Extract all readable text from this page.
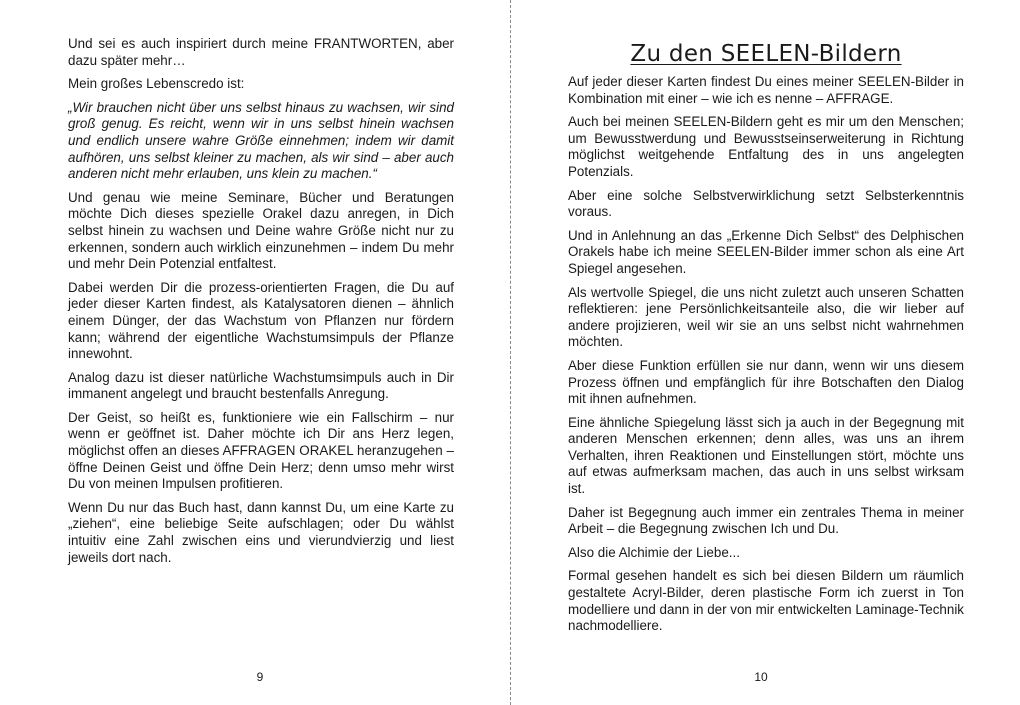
Und sei es auch inspiriert durch meine FRANTWORTEN, aber dazu später mehr…

Mein großes Lebenscredo ist:

„Wir brauchen nicht über uns selbst hinaus zu wachsen, wir sind groß genug. Es reicht, wenn wir in uns selbst hinein wachsen und endlich unsere wahre Größe einnehmen; indem wir damit aufhören, uns selbst kleiner zu machen, als wir sind – aber auch anderen nicht mehr erlauben, uns klein zu machen.“

Und genau wie meine Seminare, Bücher und Beratungen möchte Dich dieses spezielle Orakel dazu anregen, in Dich selbst hinein zu wachsen und Deine wahre Größe nicht nur zu erkennen, sondern auch wirklich einzunehmen – indem Du mehr und mehr Dein Potenzial entfaltest.

Dabei werden Dir die prozess-orientierten Fragen, die Du auf jeder dieser Karten findest, als Katalysatoren dienen – ähnlich einem Dünger, der das Wachstum von Pflanzen nur fördern kann; während der eigentliche Wachstumsimpuls der Pflanze innewohnt.

Analog dazu ist dieser natürliche Wachstumsimpuls auch in Dir immanent angelegt und braucht bestenfalls Anregung.

Der Geist, so heißt es, funktioniere wie ein Fallschirm – nur wenn er geöffnet ist. Daher möchte ich Dir ans Herz legen, möglichst offen an dieses AFFRAGEN ORAKEL heranzugehen – öffne Deinen Geist und öffne Dein Herz; denn umso mehr wirst Du von meinen Impulsen profitieren.

Wenn Du nur das Buch hast, dann kannst Du, um eine Karte zu „ziehen“, eine beliebige Seite aufschlagen; oder Du wählst intuitiv eine Zahl zwischen eins und vierundvierzig und liest jeweils dort nach.

9
Zu den SEELEN-Bildern

Auf jeder dieser Karten findest Du eines meiner SEELEN-Bilder in Kombination mit einer – wie ich es nenne – AFFRAGE.

Auch bei meinen SEELEN-Bildern geht es mir um den Menschen; um Bewusstwerdung und Bewusstseinserweiterung in Richtung möglichst weitgehende Entfaltung des in uns angelegten Potenzials.

Aber eine solche Selbstverwirklichung setzt Selbsterkenntnis voraus.

Und in Anlehnung an das „Erkenne Dich Selbst“ des Delphischen Orakels habe ich meine SEELEN-Bilder immer schon als eine Art Spiegel angesehen.

Als wertvolle Spiegel, die uns nicht zuletzt auch unseren Schatten reflektieren: jene Persönlichkeitsanteile also, die wir lieber auf andere projizieren, weil wir sie an uns selbst nicht wahrnehmen möchten.

Aber diese Funktion erfüllen sie nur dann, wenn wir uns diesem Prozess öffnen und empfänglich für ihre Botschaften den Dialog mit ihnen aufnehmen.

Eine ähnliche Spiegelung lässt sich ja auch in der Begegnung mit anderen Menschen erkennen; denn alles, was uns an ihrem Verhalten, ihren Reaktionen und Einstellungen stört, möchte uns auf etwas aufmerksam machen, das auch in uns selbst wirksam ist.

Daher ist Begegnung auch immer ein zentrales Thema in meiner Arbeit – die Begegnung zwischen Ich und Du.

Also die Alchimie der Liebe...

Formal gesehen handelt es sich bei diesen Bildern um räumlich gestaltete Acryl-Bilder, deren plastische Form ich zuerst in Ton modelliere und dann in der von mir entwickelten Laminage-Technik nachmodelliere.

10
